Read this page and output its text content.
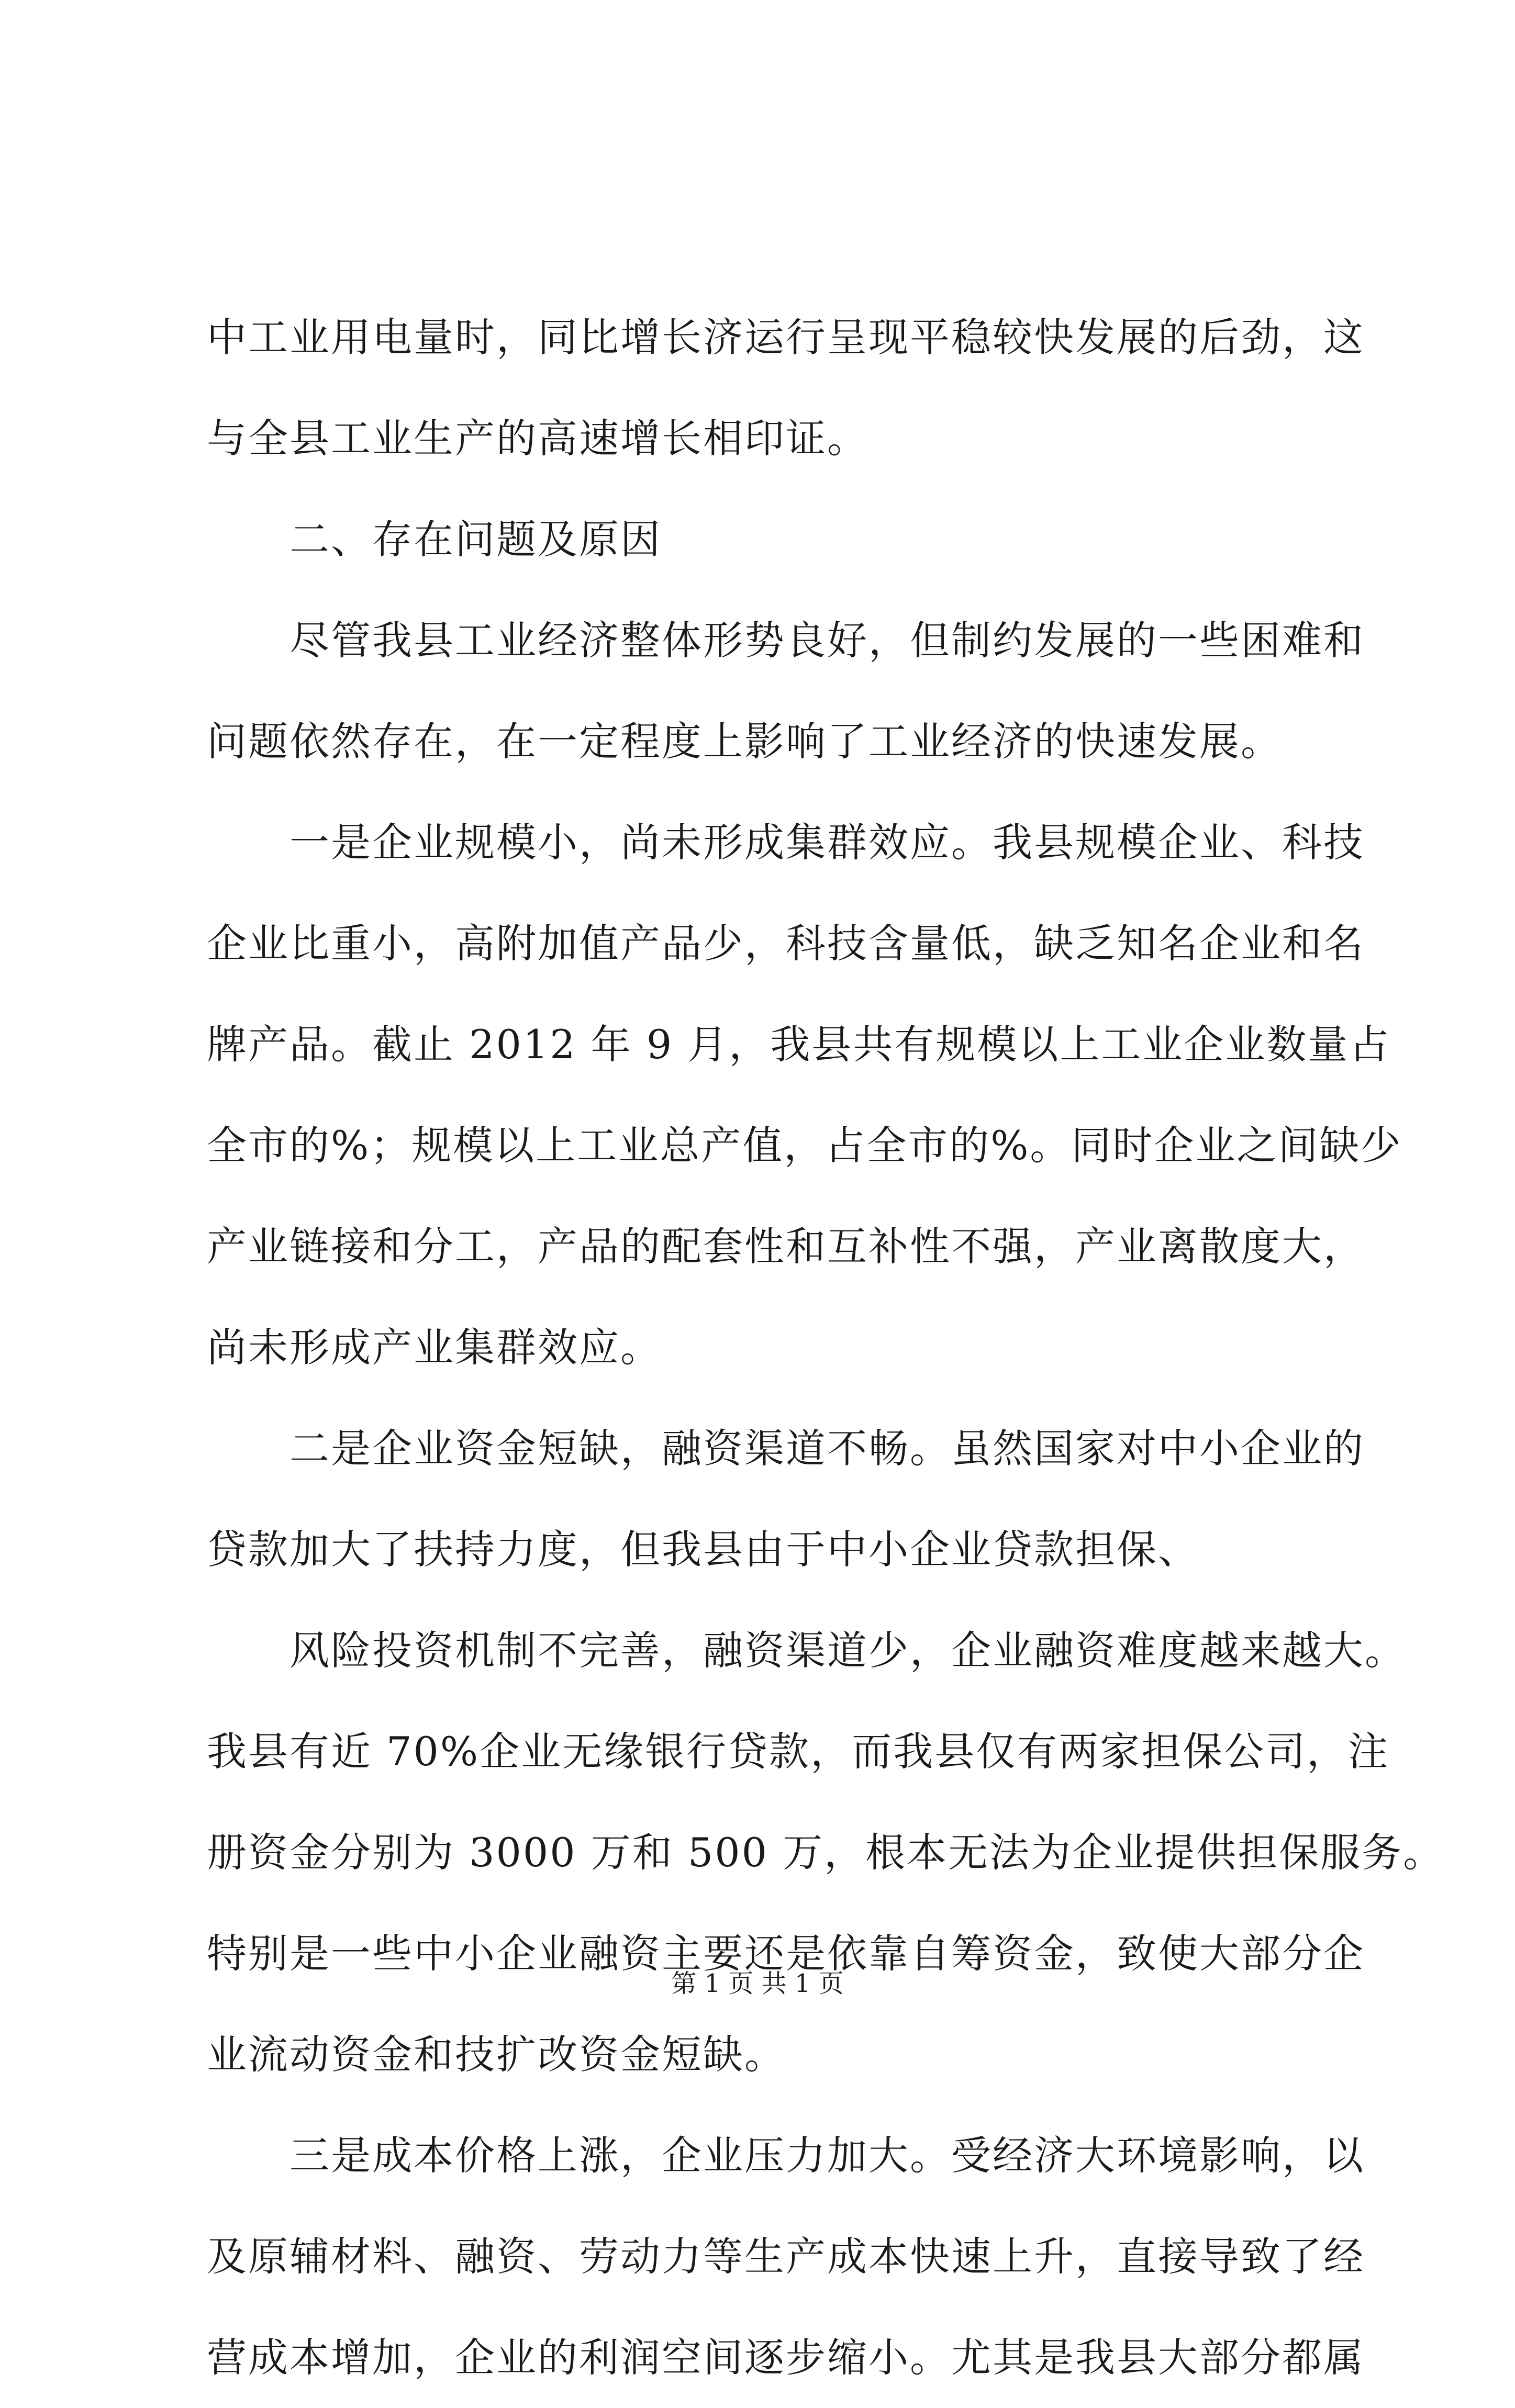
中工业用电量时，同比增长济运行呈现平稳较快发展的后劲，这
与全县工业生产的高速增长相印证。
　　二、存在问题及原因
　　尽管我县工业经济整体形势良好，但制约发展的一些困难和
问题依然存在，在一定程度上影响了工业经济的快速发展。
　　一是企业规模小，尚未形成集群效应。我县规模企业、科技
企业比重小，高附加值产品少，科技含量低，缺乏知名企业和名
牌产品。截止 2012 年 9 月，我县共有规模以上工业企业数量占
全市的%；规模以上工业总产值，占全市的%。同时企业之间缺少
产业链接和分工，产品的配套性和互补性不强，产业离散度大，
尚未形成产业集群效应。
　　二是企业资金短缺，融资渠道不畅。虽然国家对中小企业的
贷款加大了扶持力度，但我县由于中小企业贷款担保、
　　风险投资机制不完善，融资渠道少，企业融资难度越来越大。
我县有近 70%企业无缘银行贷款，而我县仅有两家担保公司，注
册资金分别为 3000 万和 500 万，根本无法为企业提供担保服务。
特别是一些中小企业融资主要还是依靠自筹资金，致使大部分企
业流动资金和技扩改资金短缺。
　　三是成本价格上涨，企业压力加大。受经济大环境影响，以
及原辅材料、融资、劳动力等生产成本快速上升，直接导致了经
营成本增加，企业的利润空间逐步缩小。尤其是我县大部分都属
第 1 页 共 1 页
